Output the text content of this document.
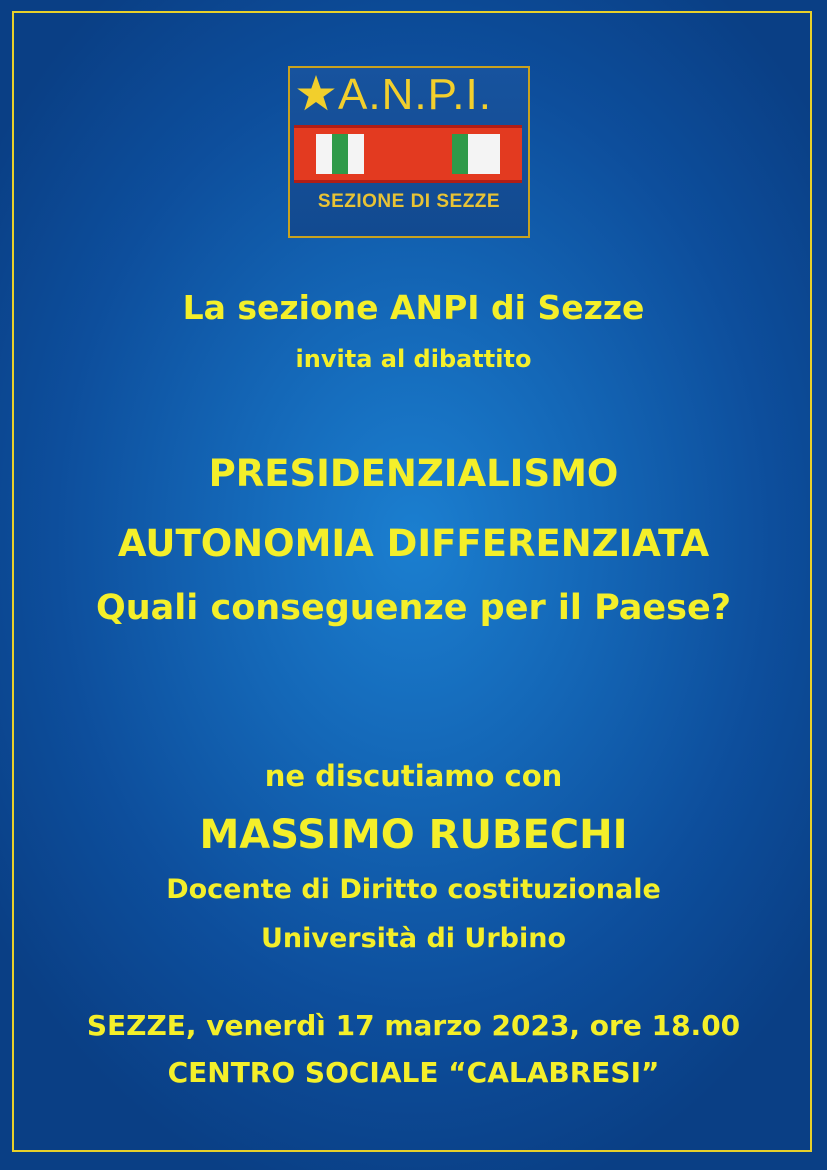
A.N.P.I.
SEZIONE DI SEZZE
La sezione ANPI di Sezze
invita al dibattito
PRESIDENZIALISMO
AUTONOMIA DIFFERENZIATA
Quali conseguenze per il Paese?
ne discutiamo con
MASSIMO RUBECHI
Docente di Diritto costituzionale
Università di Urbino
SEZZE, venerdì 17 marzo 2023, ore 18.00
CENTRO SOCIALE “CALABRESI”
